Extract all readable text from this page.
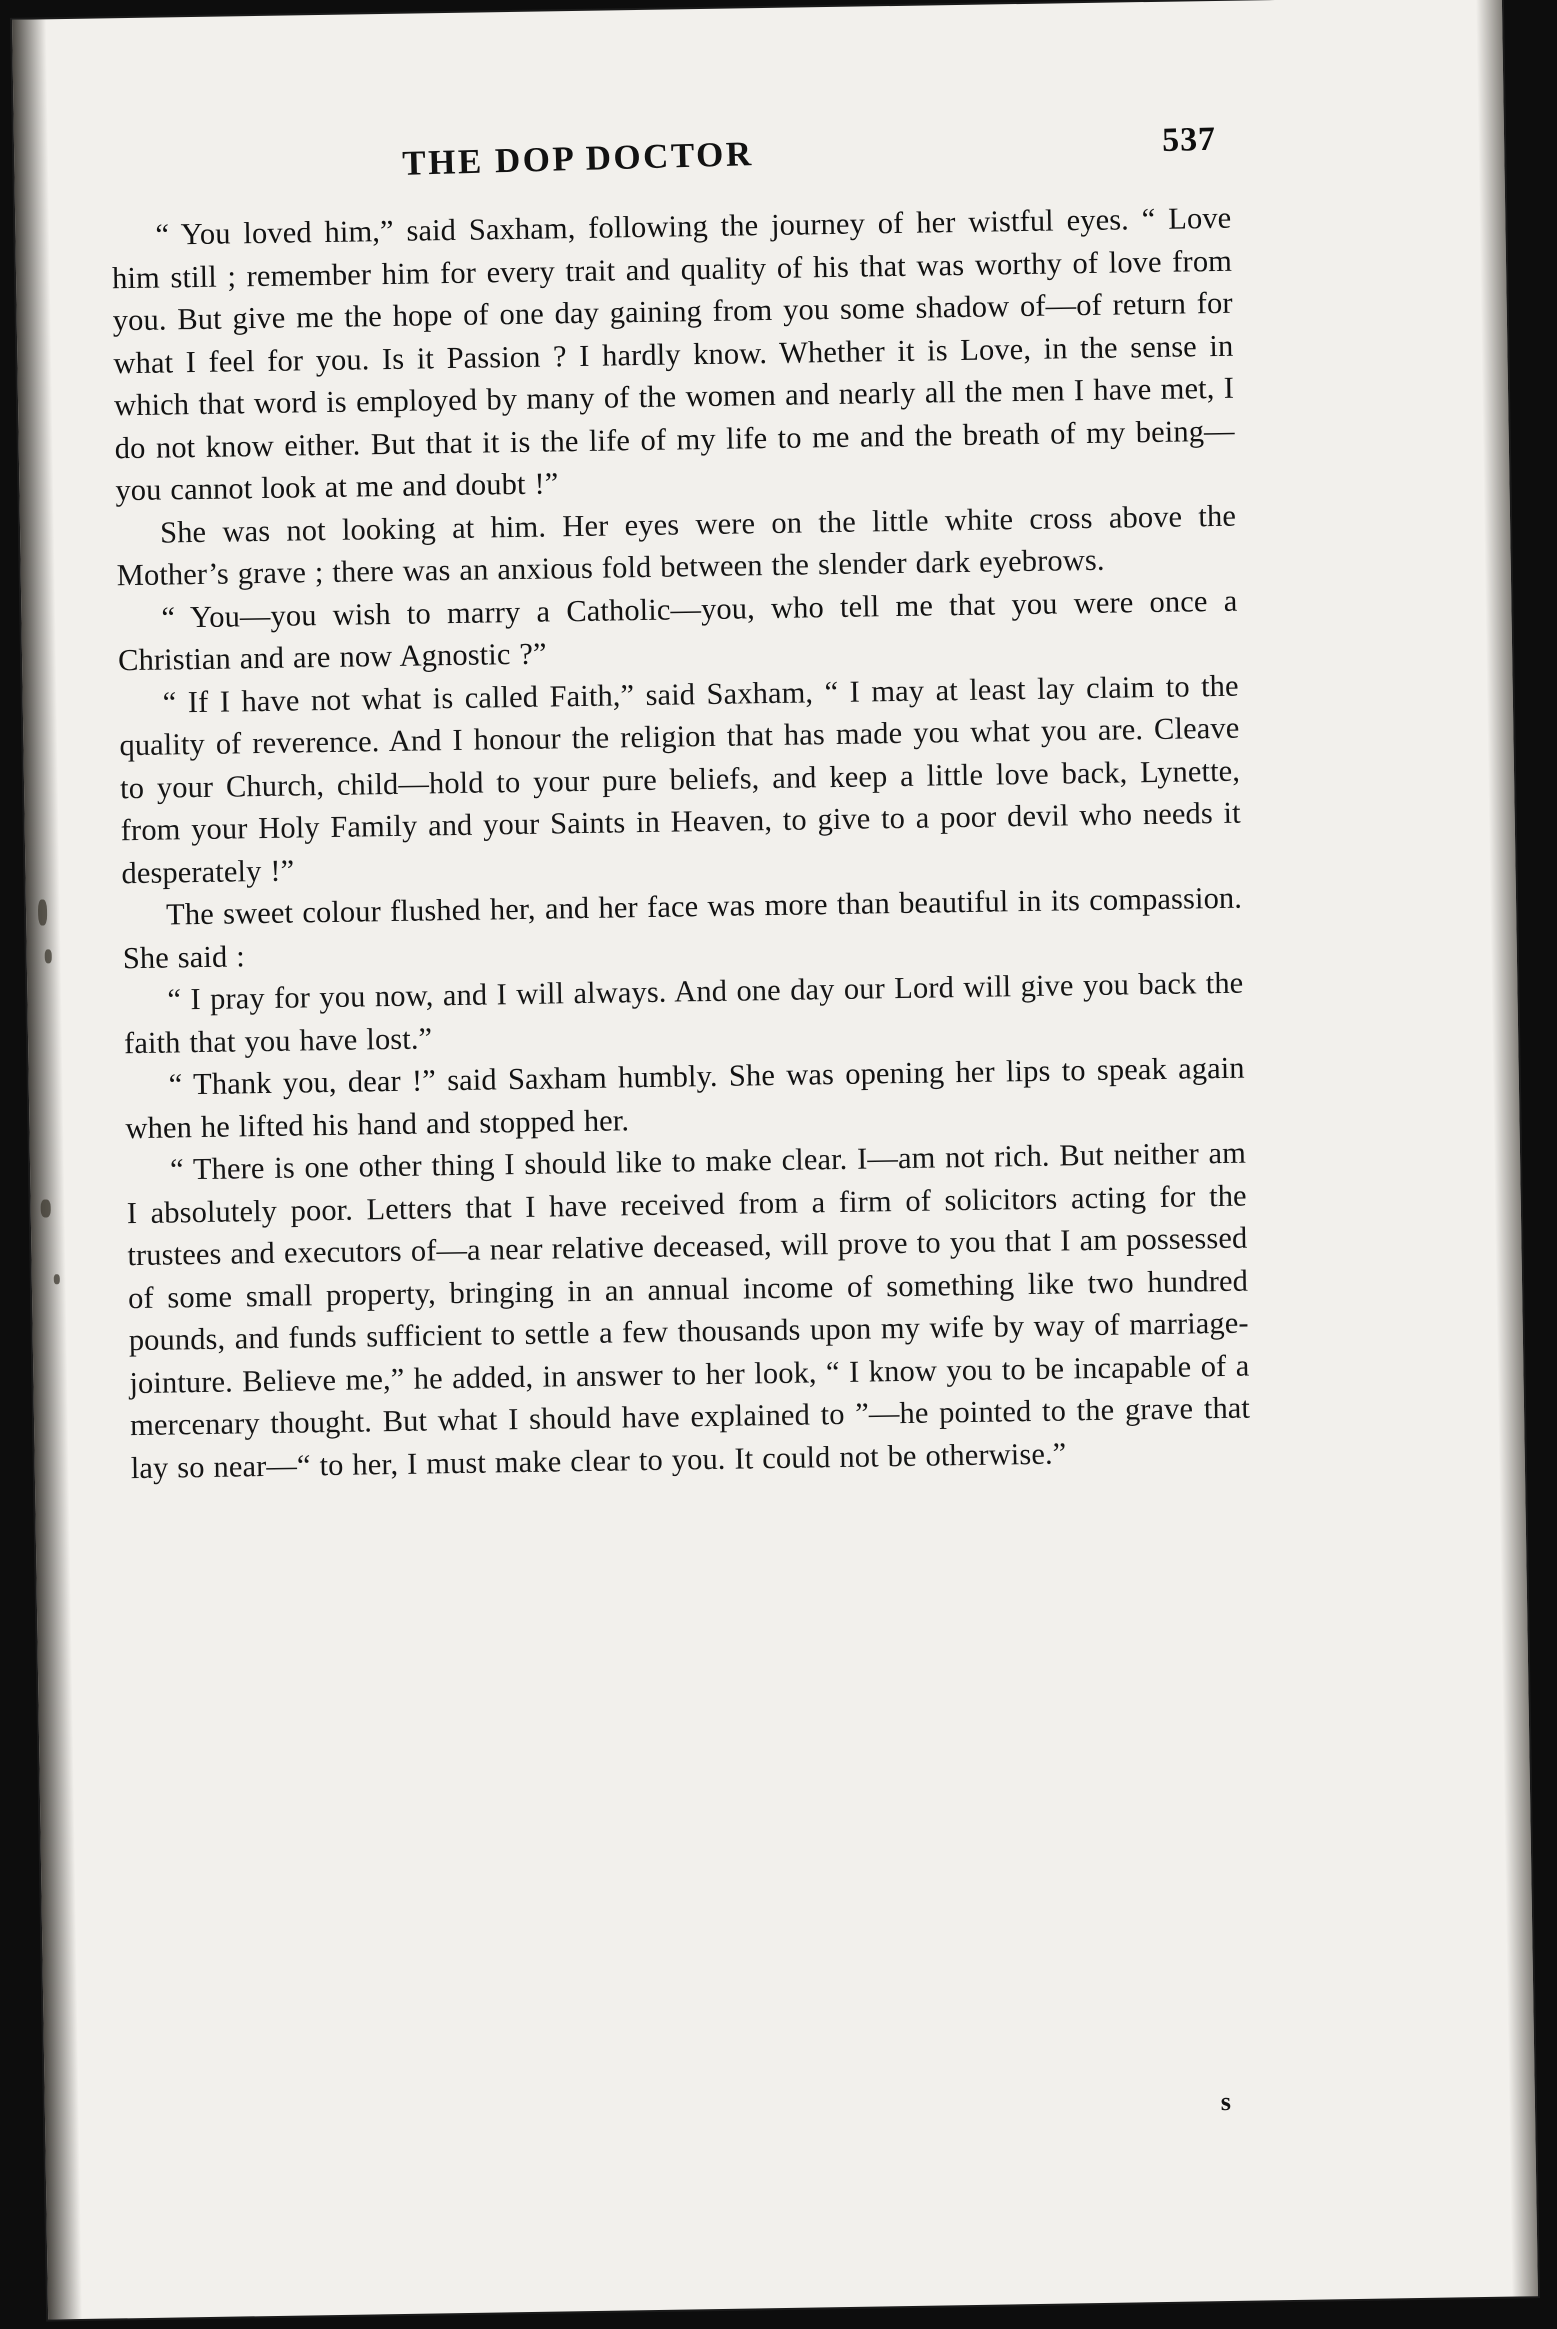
THE DOP DOCTOR	537

“ You loved him,” said Saxham, following the journey of her wistful eyes. “ Love him still ; remember him for every trait and quality of his that was worthy of love from you. But give me the hope of one day gaining from you some shadow of—of return for what I feel for you. Is it Passion ? I hardly know. Whether it is Love, in the sense in which that word is employed by many of the women and nearly all the men I have met, I do not know either. But that it is the life of my life to me and the breath of my being—you cannot look at me and doubt !”

She was not looking at him. Her eyes were on the little white cross above the Mother’s grave ; there was an anxious fold between the slender dark eyebrows.

“ You—you wish to marry a Catholic—you, who tell me that you were once a Christian and are now Agnostic ?”

“ If I have not what is called Faith,” said Saxham, “ I may at least lay claim to the quality of reverence. And I honour the religion that has made you what you are. Cleave to your Church, child—hold to your pure beliefs, and keep a little love back, Lynette, from your Holy Family and your Saints in Heaven, to give to a poor devil who needs it desperately !”

The sweet colour flushed her, and her face was more than beautiful in its compassion. She said :

“ I pray for you now, and I will always. And one day our Lord will give you back the faith that you have lost.”

“ Thank you, dear !” said Saxham humbly. She was opening her lips to speak again when he lifted his hand and stopped her.

“ There is one other thing I should like to make clear. I—am not rich. But neither am I absolutely poor. Letters that I have received from a firm of solicitors acting for the trustees and executors of—a near relative deceased, will prove to you that I am possessed of some small property, bringing in an annual income of something like two hundred pounds, and funds sufficient to settle a few thousands upon my wife by way of marriage-jointure. Believe me,” he added, in answer to her look, “ I know you to be incapable of a mercenary thought. But what I should have explained to ”—he pointed to the grave that lay so near—“ to her, I must make clear to you. It could not be otherwise.”

s
